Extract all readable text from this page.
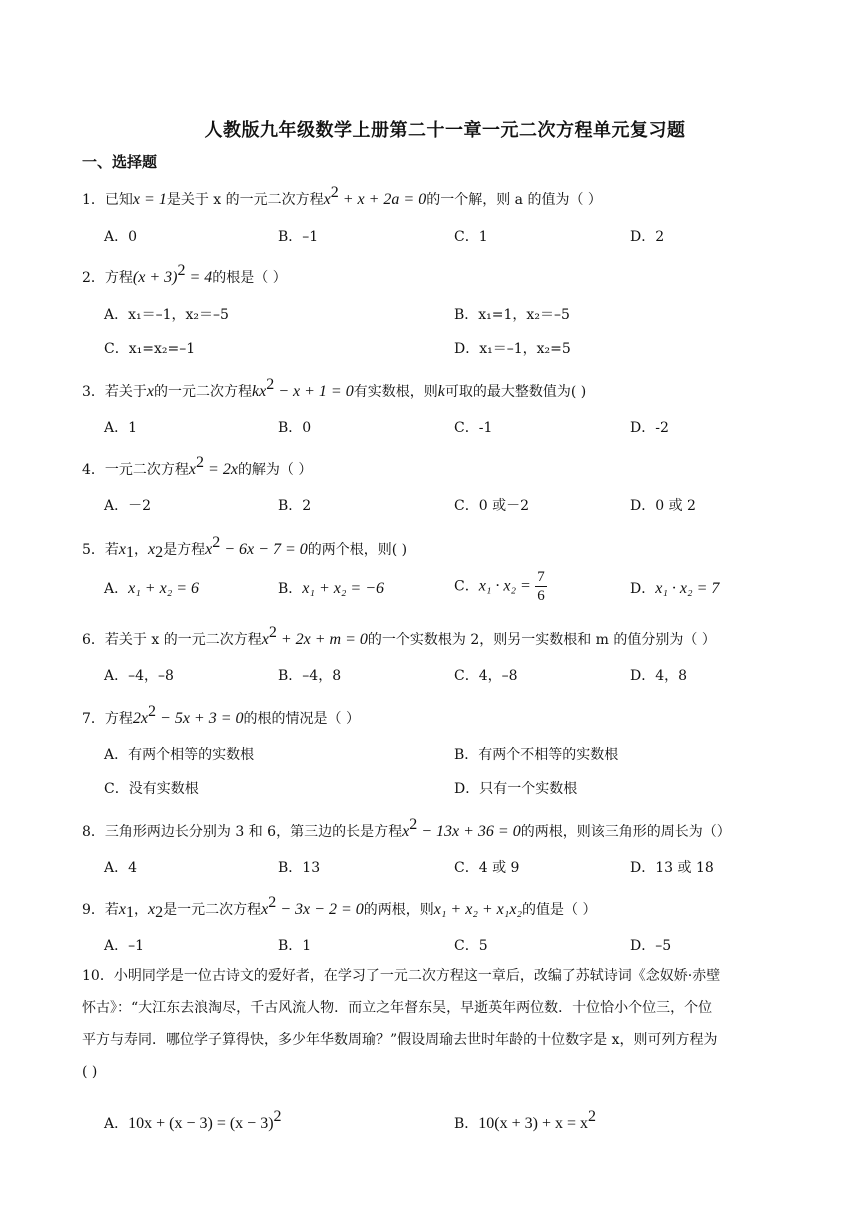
人教版九年级数学上册第二十一章一元二次方程单元复习题
一、选择题
1．已知x = 1是关于 x 的一元二次方程$x^2 + x + 2a = 0$的一个解，则 a 的值为（ ）
A．0	B．–1	C．1	D．2
2．方程$(x + 3)^2 = 4$的根是（ ）
A．x₁＝–1，x₂＝–5	B．x₁=1，x₂＝–5
C．x₁=x₂=–1	D．x₁＝–1，x₂=5
3．若关于x的一元二次方程$kx^2 - x + 1 = 0$有实数根，则k可取的最大整数值为( )
A．1	B．0	C．-1	D．-2
4．一元二次方程$x^2 = 2x$的解为（ ）
A．－2	B．2	C．0 或－2	D．0 或 2
5．若$x_1$，$x_2$是方程$x^2 - 6x - 7 = 0$的两个根，则( )
A．x₁ + x₂ = 6	B．x₁ + x₂ = −6	C．$x_1 \cdot x_2 = \frac{7}{6}$	D．x₁ · x₂ = 7
6．若关于 x 的一元二次方程$x^2 + 2x + m = 0$的一个实数根为 2，则另一实数根和 m 的值分别为（ ）
A．–4，–8	B．–4，8	C．4，–8	D．4，8
7．方程$2x^2 - 5x + 3 = 0$的根的情况是（ ）
A．有两个相等的实数根	B．有两个不相等的实数根
C．没有实数根	D．只有一个实数根
8．三角形两边长分别为 3 和 6，第三边的长是方程$x^2 - 13x + 36 = 0$的两根，则该三角形的周长为（）
A．4	B．13	C．4 或 9	D．13 或 18
9．若$x_1$，$x_2$是一元二次方程$x^2 - 3x - 2 = 0$的两根，则x₁ + x₂ + x₁x₂的值是（ ）
A．–1	B．1	C．5	D．–5
10．小明同学是一位古诗文的爱好者，在学习了一元二次方程这一章后，改编了苏轼诗词《念奴娇·赤壁
怀古》：“大江东去浪淘尽，千古风流人物．而立之年督东吴，早逝英年两位数．十位恰小个位三，个位
平方与寿同．哪位学子算得快，多少年华数周瑜？”假设周瑜去世时年龄的十位数字是 x，则可列方程为
( )
A．$10x + (x - 3) = (x - 3)^2$	B．$10(x + 3) + x = x^2$
